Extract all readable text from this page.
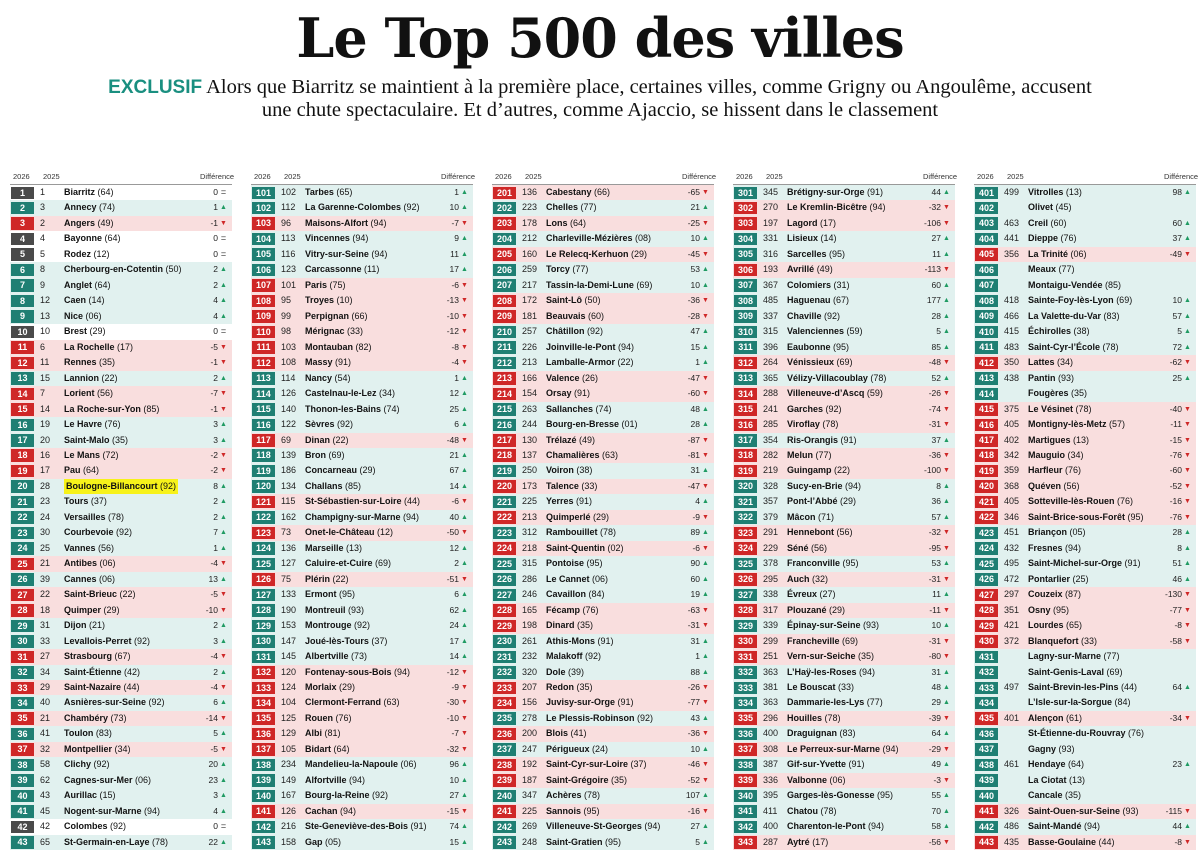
Le Top 500 des villes
EXCLUSIF Alors que Biarritz se maintient à la première place, certaines villes, comme Grigny ou Angoulême, accusent une chute spectaculaire. Et d’autres, comme Ajaccio, se hissent dans le classement
2026 2025	Différence
1	1 Biarritz (64)	0 =
2	3 Annecy (74)	1 ▲
3	2 Angers (49)	-1 ▼
4	4 Bayonne (64)	0 =
5	5 Rodez (12)	0 =
6	8 Cherbourg-en-Cotentin (50)	2 ▲
7	9 Anglet (64)	2 ▲
8	12 Caen (14)	4 ▲
9	13 Nice (06)	4 ▲
10	10 Brest (29)	0 =
11	6 La Rochelle (17)	-5 ▼
12	11 Rennes (35)	-1 ▼
13	15 Lannion (22)	2 ▲
14	7 Lorient (56)	-7 ▼
15	14 La Roche-sur-Yon (85)	-1 ▼
16	19 Le Havre (76)	3 ▲
17	20 Saint-Malo (35)	3 ▲
18	16 Le Mans (72)	-2 ▼
19	17 Pau (64)	-2 ▼
20	28 Boulogne-Billancourt (92)	8 ▲
21	23 Tours (37)	2 ▲
22	24 Versailles (78)	2 ▲
23	30 Courbevoie (92)	7 ▲
24	25 Vannes (56)	1 ▲
25	21 Antibes (06)	-4 ▼
26	39 Cannes (06)	13 ▲
27	22 Saint-Brieuc (22)	-5 ▼
28	18 Quimper (29)	-10 ▼
29	31 Dijon (21)	2 ▲
30	33 Levallois-Perret (92)	3 ▲
31	27 Strasbourg (67)	-4 ▼
32	34 Saint-Étienne (42)	2 ▲
33	29 Saint-Nazaire (44)	-4 ▼
34	40 Asnières-sur-Seine (92)	6 ▲
35	21 Chambéry (73)	-14 ▼
36	41 Toulon (83)	5 ▲
37	32 Montpellier (34)	-5 ▼
38	58 Clichy (92)	20 ▲
39	62 Cagnes-sur-Mer (06)	23 ▲
40	43 Aurillac (15)	3 ▲
41	45 Nogent-sur-Marne (94)	4 ▲
42	42 Colombes (92)	0 =
43	65 St-Germain-en-Laye (78)	22 ▲
2026 2025	Différence
101	102 Tarbes (65)	1 ▲
102	112 La Garenne-Colombes (92)	10 ▲
103	96 Maisons-Alfort (94)	-7 ▼
104	113 Vincennes (94)	9 ▲
105	116 Vitry-sur-Seine (94)	11 ▲
106	123 Carcassonne (11)	17 ▲
107	101 Paris (75)	-6 ▼
108	95 Troyes (10)	-13 ▼
109	99 Perpignan (66)	-10 ▼
110	98 Mérignac (33)	-12 ▼
111	103 Montauban (82)	-8 ▼
112	108 Massy (91)	-4 ▼
113	114 Nancy (54)	1 ▲
114	126 Castelnau-le-Lez (34)	12 ▲
115	140 Thonon-les-Bains (74)	25 ▲
116	122 Sèvres (92)	6 ▲
117	69 Dinan (22)	-48 ▼
118	139 Bron (69)	21 ▲
119	186 Concarneau (29)	67 ▲
120	134 Challans (85)	14 ▲
121	115 St-Sébastien-sur-Loire (44)	-6 ▼
122	162 Champigny-sur-Marne (94)	40 ▲
123	73 Onet-le-Château (12)	-50 ▼
124	136 Marseille (13)	12 ▲
125	127 Caluire-et-Cuire (69)	2 ▲
126	75 Plérin (22)	-51 ▼
127	133 Ermont (95)	6 ▲
128	190 Montreuil (93)	62 ▲
129	153 Montrouge (92)	24 ▲
130	147 Joué-lès-Tours (37)	17 ▲
131	145 Albertville (73)	14 ▲
132	120 Fontenay-sous-Bois (94)	-12 ▼
133	124 Morlaix (29)	-9 ▼
134	104 Clermont-Ferrand (63)	-30 ▼
135	125 Rouen (76)	-10 ▼
136	129 Albi (81)	-7 ▼
137	105 Bidart (64)	-32 ▼
138	234 Mandelieu-la-Napoule (06)	96 ▲
139	149 Alfortville (94)	10 ▲
140	167 Bourg-la-Reine (92)	27 ▲
141	126 Cachan (94)	-15 ▼
142	216 Ste-Geneviève-des-Bois (91)	74 ▲
143	158 Gap (05)	15 ▲
2026 2025	Différence
201	136 Cabestany (66)	-65 ▼
202	223 Chelles (77)	21 ▲
203	178 Lons (64)	-25 ▼
204	212 Charleville-Mézières (08)	10 ▲
205	160 Le Relecq-Kerhuon (29)	-45 ▼
206	259 Torcy (77)	53 ▲
207	217 Tassin-la-Demi-Lune (69)	10 ▲
208	172 Saint-Lô (50)	-36 ▼
209	181 Beauvais (60)	-28 ▼
210	257 Châtillon (92)	47 ▲
211	226 Joinville-le-Pont (94)	15 ▲
212	213 Lamballe-Armor (22)	1 ▲
213	166 Valence (26)	-47 ▼
214	154 Orsay (91)	-60 ▼
215	263 Sallanches (74)	48 ▲
216	244 Bourg-en-Bresse (01)	28 ▲
217	130 Trélazé (49)	-87 ▼
218	137 Chamalières (63)	-81 ▼
219	250 Voiron (38)	31 ▲
220	173 Talence (33)	-47 ▼
221	225 Yerres (91)	4 ▲
222	213 Quimperlé (29)	-9 ▼
223	312 Rambouillet (78)	89 ▲
224	218 Saint-Quentin (02)	-6 ▼
225	315 Pontoise (95)	90 ▲
226	286 Le Cannet (06)	60 ▲
227	246 Cavaillon (84)	19 ▲
228	165 Fécamp (76)	-63 ▼
229	198 Dinard (35)	-31 ▼
230	261 Athis-Mons (91)	31 ▲
231	232 Malakoff (92)	1 ▲
232	320 Dole (39)	88 ▲
233	207 Redon (35)	-26 ▼
234	156 Juvisy-sur-Orge (91)	-77 ▼
235	278 Le Plessis-Robinson (92)	43 ▲
236	200 Blois (41)	-36 ▼
237	247 Périgueux (24)	10 ▲
238	192 Saint-Cyr-sur-Loire (37)	-46 ▼
239	187 Saint-Grégoire (35)	-52 ▼
240	347 Achères (78)	107 ▲
241	225 Sannois (95)	-16 ▼
242	269 Villeneuve-St-Georges (94)	27 ▲
243	248 Saint-Gratien (95)	5 ▲
2026 2025	Différence
301	345 Brétigny-sur-Orge (91)	44 ▲
302	270 Le Kremlin-Bicêtre (94)	-32 ▼
303	197 Lagord (17)	-106 ▼
304	331 Lisieux (14)	27 ▲
305	316 Sarcelles (95)	11 ▲
306	193 Avrillé (49)	-113 ▼
307	367 Colomiers (31)	60 ▲
308	485 Haguenau (67)	177 ▲
309	337 Chaville (92)	28 ▲
310	315 Valenciennes (59)	5 ▲
311	396 Eaubonne (95)	85 ▲
312	264 Vénissieux (69)	-48 ▼
313	365 Vélizy-Villacoublay (78)	52 ▲
314	288 Villeneuve-d’Ascq (59)	-26 ▼
315	241 Garches (92)	-74 ▼
316	285 Viroflay (78)	-31 ▼
317	354 Ris-Orangis (91)	37 ▲
318	282 Melun (77)	-36 ▼
319	219 Guingamp (22)	-100 ▼
320	328 Sucy-en-Brie (94)	8 ▲
321	357 Pont-l’Abbé (29)	36 ▲
322	379 Mâcon (71)	57 ▲
323	291 Hennebont (56)	-32 ▼
324	229 Séné (56)	-95 ▼
325	378 Franconville (95)	53 ▲
326	295 Auch (32)	-31 ▼
327	338 Évreux (27)	11 ▲
328	317 Plouzané (29)	-11 ▼
329	339 Épinay-sur-Seine (93)	10 ▲
330	299 Francheville (69)	-31 ▼
331	251 Vern-sur-Seiche (35)	-80 ▼
332	363 L’Haÿ-les-Roses (94)	31 ▲
333	381 Le Bouscat (33)	48 ▲
334	363 Dammarie-les-Lys (77)	29 ▲
335	296 Houilles (78)	-39 ▼
336	400 Draguignan (83)	64 ▲
337	308 Le Perreux-sur-Marne (94)	-29 ▼
338	387 Gif-sur-Yvette (91)	49 ▲
339	336 Valbonne (06)	-3 ▼
340	395 Garges-lès-Gonesse (95)	55 ▲
341	411 Chatou (78)	70 ▲
342	400 Charenton-le-Pont (94)	58 ▲
343	287 Aytré (17)	-56 ▼
2026 2025	Différence
401	499 Vitrolles (13)	98 ▲
402	Olivet (45)
403	463 Creil (60)	60 ▲
404	441 Dieppe (76)	37 ▲
405	356 La Trinité (06)	-49 ▼
406	Meaux (77)
407	Montaigu-Vendée (85)
408	418 Sainte-Foy-lès-Lyon (69)	10 ▲
409	466 La Valette-du-Var (83)	57 ▲
410	415 Échirolles (38)	5 ▲
411	483 Saint-Cyr-l’École (78)	72 ▲
412	350 Lattes (34)	-62 ▼
413	438 Pantin (93)	25 ▲
414	Fougères (35)
415	375 Le Vésinet (78)	-40 ▼
416	405 Montigny-lès-Metz (57)	-11 ▼
417	402 Martigues (13)	-15 ▼
418	342 Mauguio (34)	-76 ▼
419	359 Harfleur (76)	-60 ▼
420	368 Quéven (56)	-52 ▼
421	405 Sotteville-lès-Rouen (76)	-16 ▼
422	346 Saint-Brice-sous-Forêt (95)	-76 ▼
423	451 Briançon (05)	28 ▲
424	432 Fresnes (94)	8 ▲
425	495 Saint-Michel-sur-Orge (91)	51 ▲
426	472 Pontarlier (25)	46 ▲
427	297 Couzeix (87)	-130 ▼
428	351 Osny (95)	-77 ▼
429	421 Lourdes (65)	-8 ▼
430	372 Blanquefort (33)	-58 ▼
431	Lagny-sur-Marne (77)
432	Saint-Genis-Laval (69)
433	497 Saint-Brevin-les-Pins (44)	64 ▲
434	L’Isle-sur-la-Sorgue (84)
435	401 Alençon (61)	-34 ▼
436	St-Étienne-du-Rouvray (76)
437	Gagny (93)
438	461 Hendaye (64)	23 ▲
439	La Ciotat (13)
440	Cancale (35)
441	326 Saint-Ouen-sur-Seine (93)	-115 ▼
442	486 Saint-Mandé (94)	44 ▲
443	435 Basse-Goulaine (44)	-8 ▼
